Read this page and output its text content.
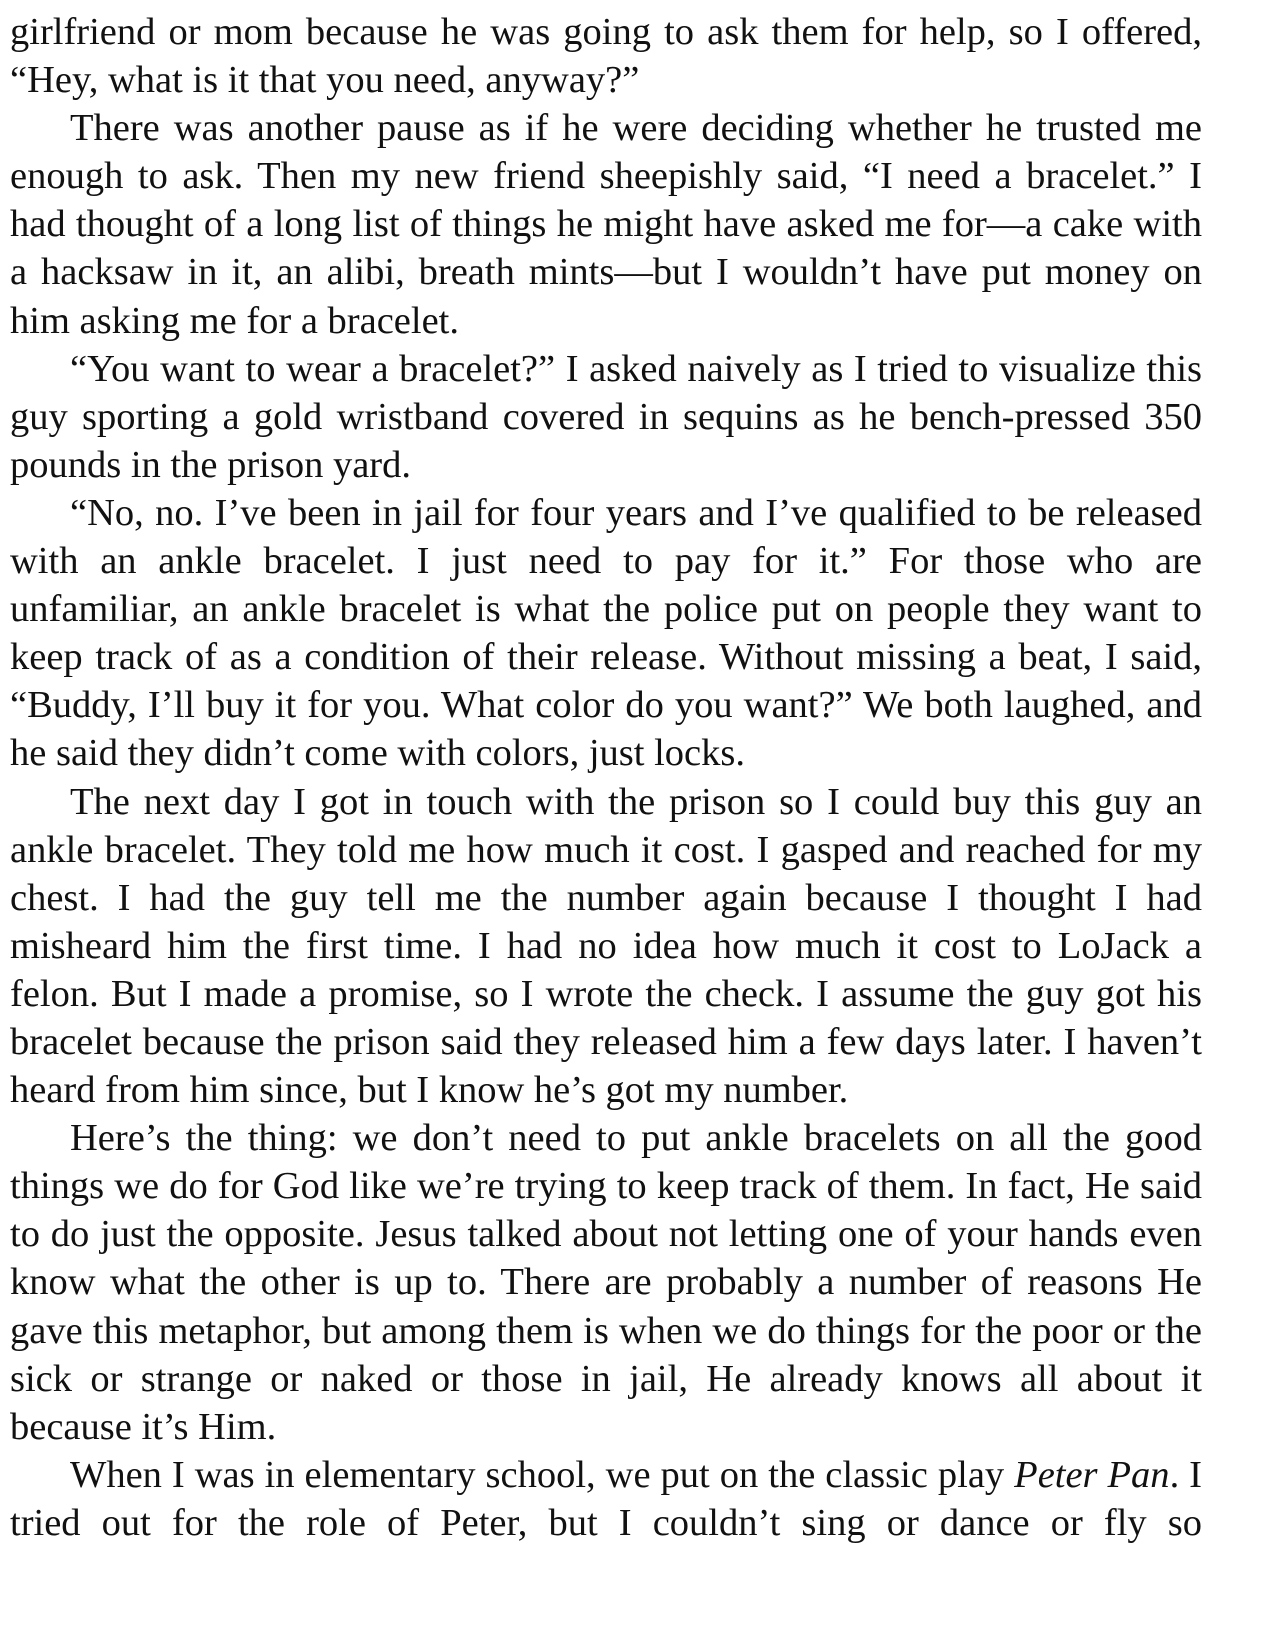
girlfriend or mom because he was going to ask them for help, so I offered, “Hey, what is it that you need, anyway?”

There was another pause as if he were deciding whether he trusted me enough to ask. Then my new friend sheepishly said, “I need a bracelet.” I had thought of a long list of things he might have asked me for—a cake with a hacksaw in it, an alibi, breath mints—but I wouldn’t have put money on him asking me for a bracelet.

“You want to wear a bracelet?” I asked naively as I tried to visualize this guy sporting a gold wristband covered in sequins as he bench-pressed 350 pounds in the prison yard.

“No, no. I’ve been in jail for four years and I’ve qualified to be released with an ankle bracelet. I just need to pay for it.” For those who are unfamiliar, an ankle bracelet is what the police put on people they want to keep track of as a condition of their release. Without missing a beat, I said, “Buddy, I’ll buy it for you. What color do you want?” We both laughed, and he said they didn’t come with colors, just locks.

The next day I got in touch with the prison so I could buy this guy an ankle bracelet. They told me how much it cost. I gasped and reached for my chest. I had the guy tell me the number again because I thought I had misheard him the first time. I had no idea how much it cost to LoJack a felon. But I made a promise, so I wrote the check. I assume the guy got his bracelet because the prison said they released him a few days later. I haven’t heard from him since, but I know he’s got my number.

Here’s the thing: we don’t need to put ankle bracelets on all the good things we do for God like we’re trying to keep track of them. In fact, He said to do just the opposite. Jesus talked about not letting one of your hands even know what the other is up to. There are probably a number of reasons He gave this metaphor, but among them is when we do things for the poor or the sick or strange or naked or those in jail, He already knows all about it because it’s Him.

When I was in elementary school, we put on the classic play Peter Pan. I tried out for the role of Peter, but I couldn’t sing or dance or fly so
